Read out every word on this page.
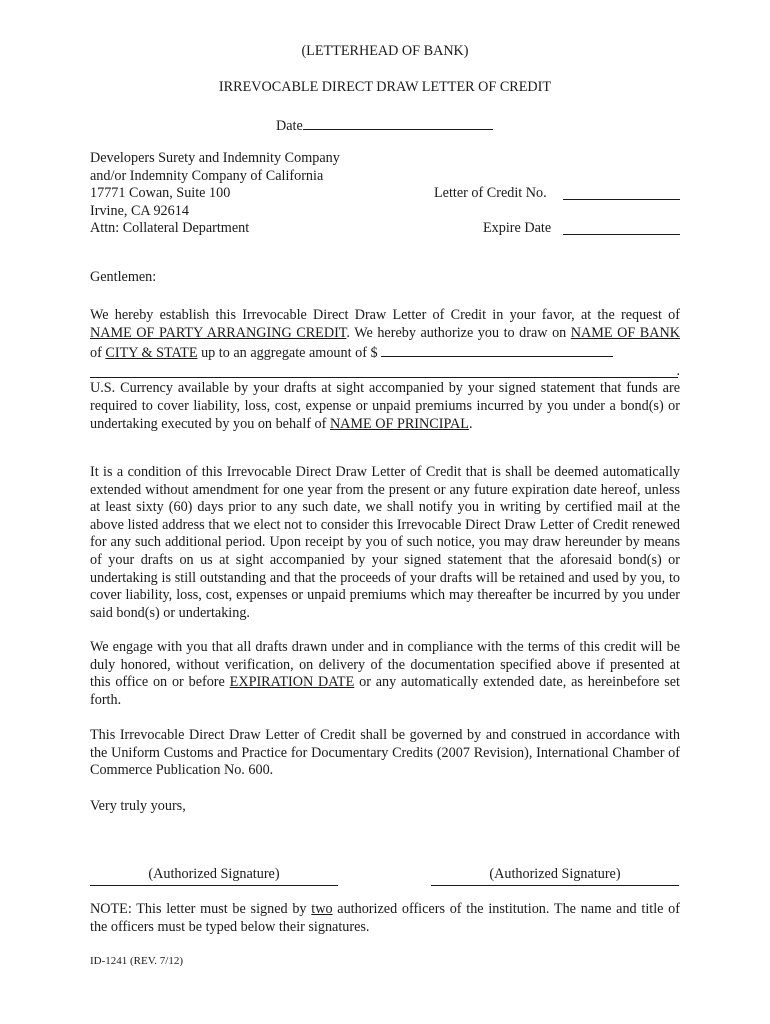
(LETTERHEAD OF BANK)
IRREVOCABLE DIRECT DRAW LETTER OF CREDIT
Date
Developers Surety and Indemnity Company
and/or Indemnity Company of California
17771 Cowan, Suite 100
Irvine, CA 92614
Attn: Collateral Department
Letter of Credit No.
Expire Date
Gentlemen:

We hereby establish this Irrevocable Direct Draw Letter of Credit in your favor, at the request of NAME OF PARTY ARRANGING CREDIT. We hereby authorize you to draw on NAME OF BANK of CITY & STATE up to an aggregate amount of $

.

U.S. Currency available by your drafts at sight accompanied by your signed statement that funds are required to cover liability, loss, cost, expense or unpaid premiums incurred by you under a bond(s) or undertaking executed by you on behalf of NAME OF PRINCIPAL.

It is a condition of this Irrevocable Direct Draw Letter of Credit that is shall be deemed automatically extended without amendment for one year from the present or any future expiration date hereof, unless at least sixty (60) days prior to any such date, we shall notify you in writing by certified mail at the above listed address that we elect not to consider this Irrevocable Direct Draw Letter of Credit renewed for any such additional period. Upon receipt by you of such notice, you may draw hereunder by means of your drafts on us at sight accompanied by your signed statement that the aforesaid bond(s) or undertaking is still outstanding and that the proceeds of your drafts will be retained and used by you, to cover liability, loss, cost, expenses or unpaid premiums which may thereafter be incurred by you under said bond(s) or undertaking.

We engage with you that all drafts drawn under and in compliance with the terms of this credit will be duly honored, without verification, on delivery of the documentation specified above if presented at this office on or before EXPIRATION DATE or any automatically extended date, as hereinbefore set forth.

This Irrevocable Direct Draw Letter of Credit shall be governed by and construed in accordance with the Uniform Customs and Practice for Documentary Credits (2007 Revision), International Chamber of Commerce Publication No. 600.

Very truly yours,
(Authorized Signature)	(Authorized Signature)

NOTE: This letter must be signed by two authorized officers of the institution. The name and title of the officers must be typed below their signatures.

ID-1241 (REV. 7/12)
